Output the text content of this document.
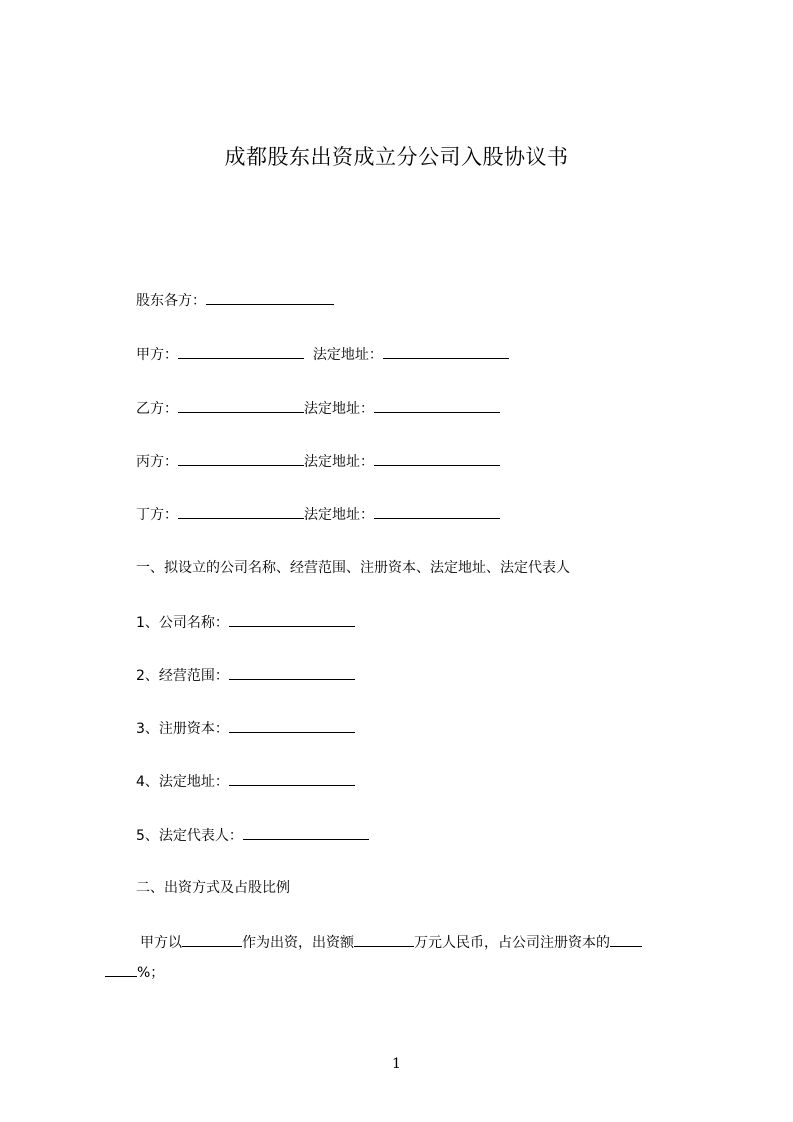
成都股东出资成立分公司入股协议书
股东各方：
甲方：	法定地址：
乙方：	法定地址：
丙方：	法定地址：
丁方：	法定地址：
一、拟设立的公司名称、经营范围、注册资本、法定地址、法定代表人
1、公司名称：
2、经营范围：
3、注册资本：
4、法定地址：
5、法定代表人：
二、出资方式及占股比例
甲方以	作为出资，出资额	万元人民币，占公司注册资本的
%；
1
